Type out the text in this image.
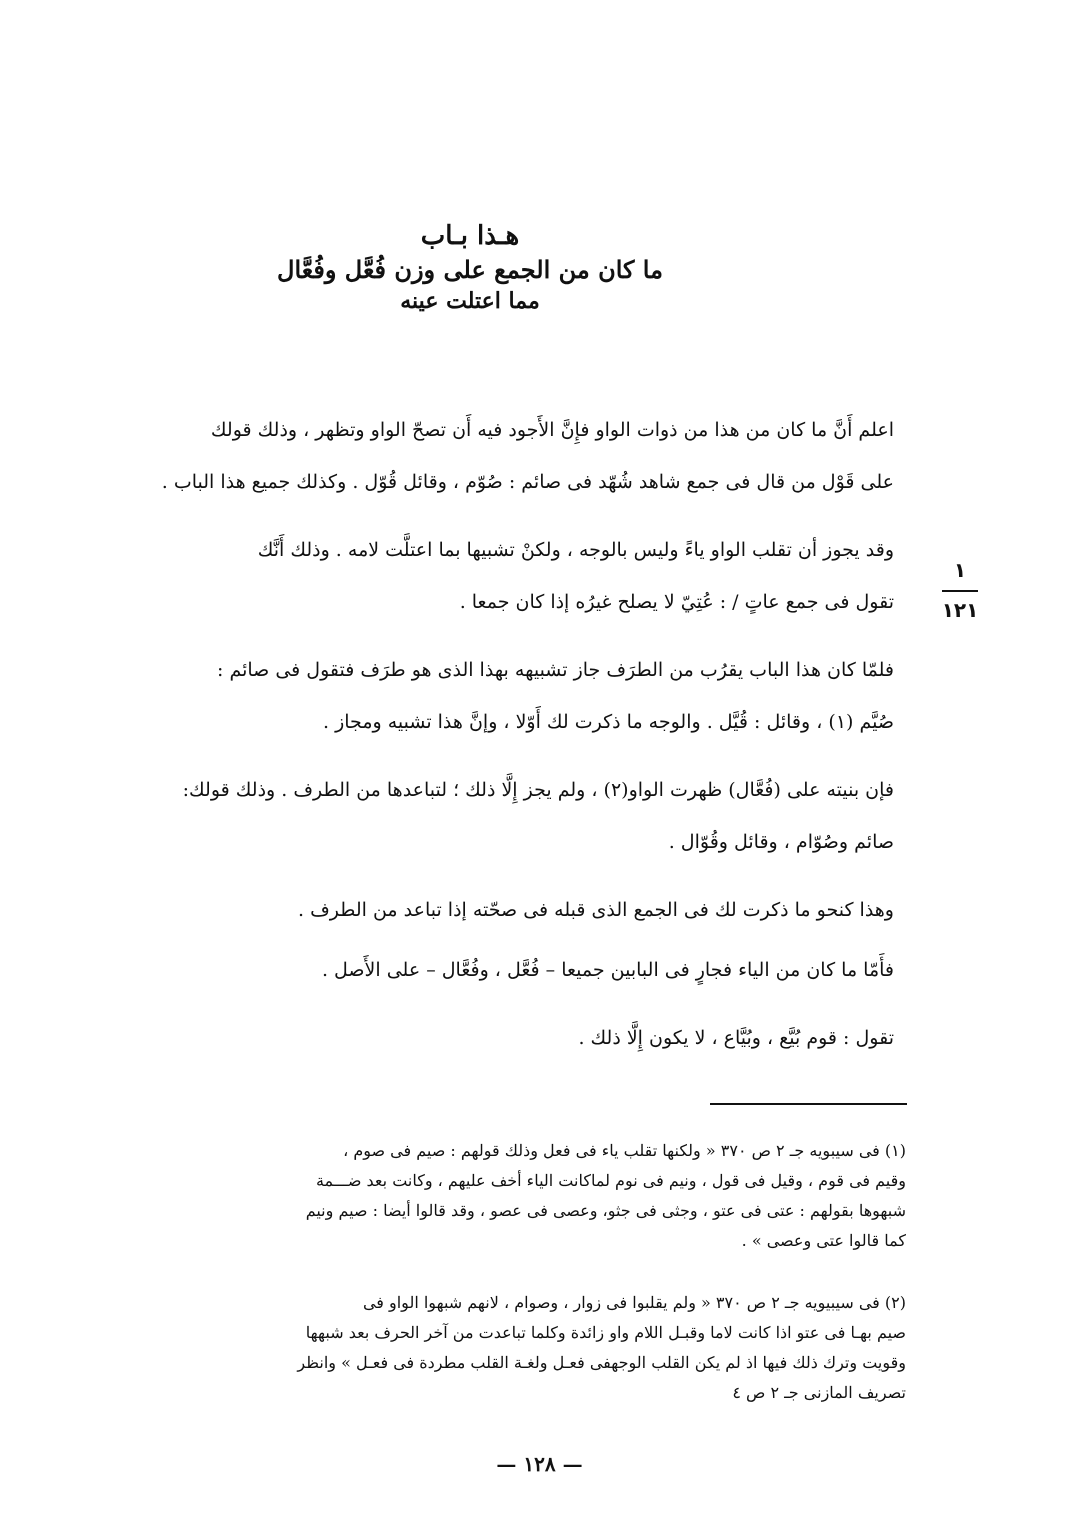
هـذا بـاب
ما كان من الجمع على وزن فُعَّل وفُعَّال
مما اعتلت عينه
اعلم أَنَّ ما كان من هذا من ذوات الواو فإِنَّ الأَجود فيه أَن تصحّ الواو وتظهر ، وذلك قولك
على قَوْل من قال فى جمع شاهد شُهّد فى صائم : صُوّم ، وقائل قُوّل . وكذلك جميع هذا الباب .
وقد يجوز أن تقلب الواو ياءً وليس بالوجه ، ولكنْ تشبيها بما اعتلَّت لامه . وذلك أَنَّك
تقول فى جمع عاتٍ / : عُتِيّ لا يصلح غيرُه إذا كان جمعا .
١
١٢١
فلمّا كان هذا الباب يقرُب من الطرَف جاز تشبيهه بهذا الذى هو طرَف فتقول فى صائم :
صُيَّم (١) ، وقائل : قُيَّل . والوجه ما ذكرت لك أَوّلا ، وإنَّ هذا تشبيه ومجاز .
فإن بنيته على (فُعَّال) ظهرت الواو(٢) ، ولم يجز إِلَّا ذلك ؛ لتباعدها من الطرف . وذلك قولك:
صائم وصُوّام ، وقائل وقُوّال .
وهذا كنحو ما ذكرت لك فى الجمع الذى قبله فى صحّته إذا تباعد من الطرف .
فأَمّا ما كان من الياء فجارٍ فى البابين جميعا – فُعَّل ، وفُعَّال – على الأَصل .
تقول : قوم بُيَّع ، وبُيَّاع ، لا يكون إِلَّا ذلك .
(١) فى سيبويه جـ ٢ ص ٣٧٠ « ولكنها تقلب ياء فى فعل وذلك قولهم : صيم فى صوم ،
وقيم فى قوم ، وقيل فى قول ، ونيم فى نوم لماكانت الياء أخف عليهم ، وكانت بعد ضـــمة
شبهوها بقولهم : عتى فى عتو ، وجثى فى جثو، وعصى فى عصو ، وقد قالوا أيضا : صيم ونيم
كما قالوا عتى وعصى » .
(٢) فى سيبيويه جـ ٢ ص ٣٧٠ « ولم يقلبوا فى زوار ، وصوام ، لانهم شبهوا الواو فى
صيم بهـا فى عتو اذا كانت لاما وقبـل اللام واو زائدة وكلما تباعدت من آخر الحرف بعد شبهها
وقويت وترك ذلك فيها اذ لم يكن القلب الوجهفى فعـل ولغـة القلب مطردة فى فعـل » وانظر
تصريف المازنى جـ ٢ ص ٤
— ١٢٨ —
